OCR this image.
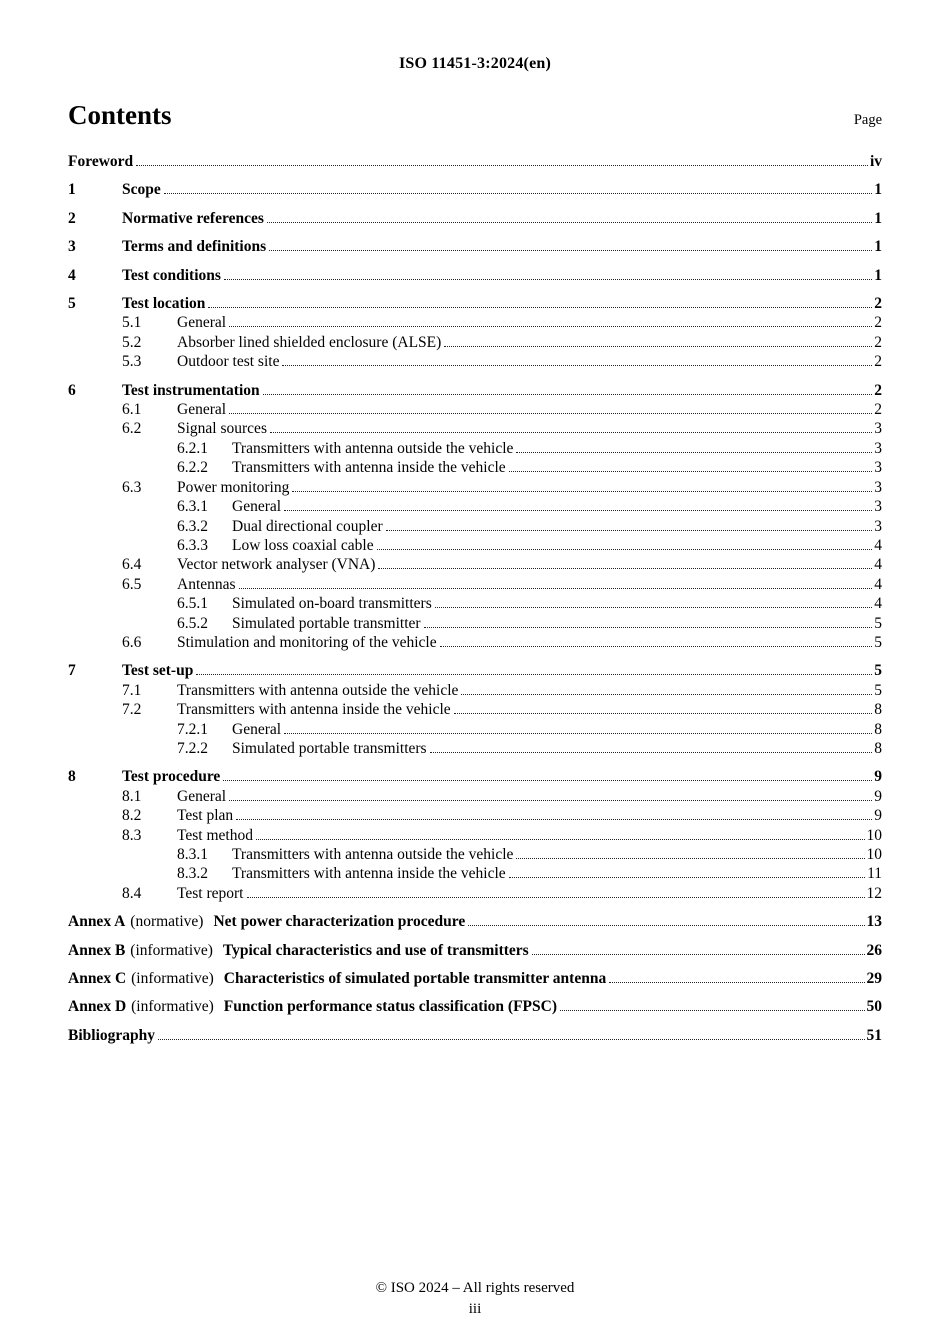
ISO 11451-3:2024(en)
Contents	Page
Foreword	iv
1	Scope	1
2	Normative references	1
3	Terms and definitions	1
4	Test conditions	1
5	Test location	2
5.1	General	2
5.2	Absorber lined shielded enclosure (ALSE)	2
5.3	Outdoor test site	2
6	Test instrumentation	2
6.1	General	2
6.2	Signal sources	3
6.2.1	Transmitters with antenna outside the vehicle	3
6.2.2	Transmitters with antenna inside the vehicle	3
6.3	Power monitoring	3
6.3.1	General	3
6.3.2	Dual directional coupler	3
6.3.3	Low loss coaxial cable	4
6.4	Vector network analyser (VNA)	4
6.5	Antennas	4
6.5.1	Simulated on-board transmitters	4
6.5.2	Simulated portable transmitter	5
6.6	Stimulation and monitoring of the vehicle	5
7	Test set-up	5
7.1	Transmitters with antenna outside the vehicle	5
7.2	Transmitters with antenna inside the vehicle	8
7.2.1	General	8
7.2.2	Simulated portable transmitters	8
8	Test procedure	9
8.1	General	9
8.2	Test plan	9
8.3	Test method	10
8.3.1	Transmitters with antenna outside the vehicle	10
8.3.2	Transmitters with antenna inside the vehicle	11
8.4	Test report	12
Annex A (normative) Net power characterization procedure	13
Annex B (informative) Typical characteristics and use of transmitters	26
Annex C (informative) Characteristics of simulated portable transmitter antenna	29
Annex D (informative) Function performance status classification (FPSC)	50
Bibliography	51
© ISO 2024 – All rights reserved
iii
